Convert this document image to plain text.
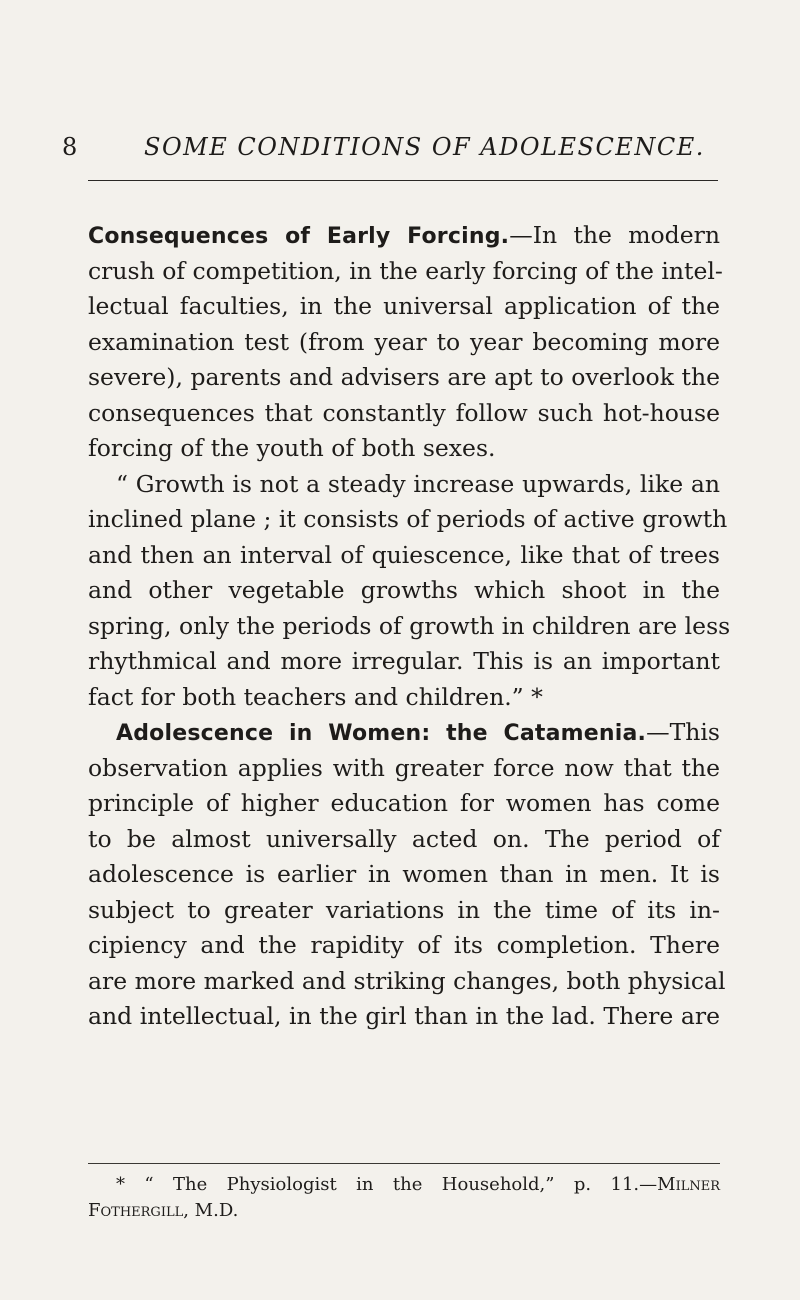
8	SOME CONDITIONS OF ADOLESCENCE.
Consequences of Early Forcing.—In the modern
crush of competition, in the early forcing of the intel-
lectual faculties, in the universal application of the
examination test (from year to year becoming more
severe), parents and advisers are apt to overlook the
consequences that constantly follow such hot-house
forcing of the youth of both sexes.
“ Growth is not a steady increase upwards, like an
inclined plane ; it consists of periods of active growth
and then an interval of quiescence, like that of trees
and other vegetable growths which shoot in the
spring, only the periods of growth in children are less
rhythmical and more irregular. This is an important
fact for both teachers and children.” *
Adolescence in Women: the Catamenia.—This
observation applies with greater force now that the
principle of higher education for women has come
to be almost universally acted on. The period of
adolescence is earlier in women than in men. It is
subject to greater variations in the time of its in-
cipiency and the rapidity of its completion. There
are more marked and striking changes, both physical
and intellectual, in the girl than in the lad. There are
* “ The Physiologist in the Household,” p. 11.—Milner
Fothergill, M.D.
